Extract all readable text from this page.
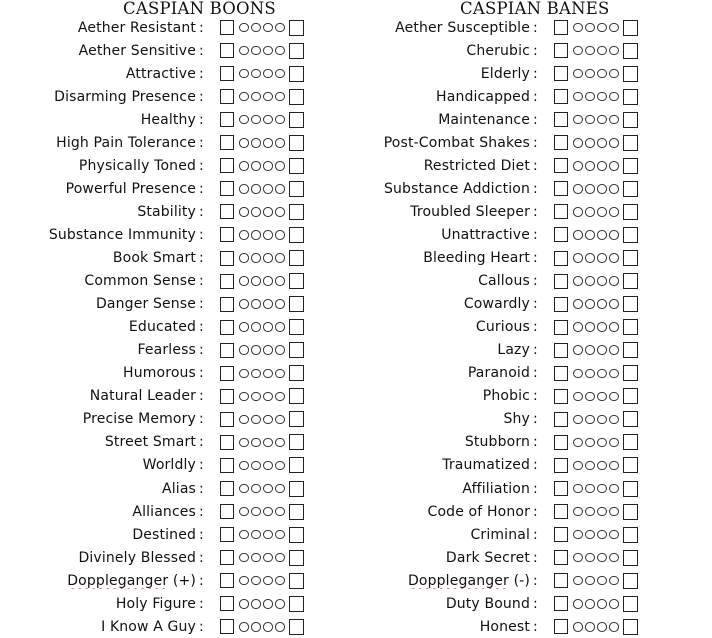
CASPIAN BOONS
Aether Resistant :
Aether Sensitive :
Attractive :
Disarming Presence :
Healthy :
High Pain Tolerance :
Physically Toned :
Powerful Presence :
Stability :
Substance Immunity :
Book Smart :
Common Sense :
Danger Sense :
Educated :
Fearless :
Humorous :
Natural Leader :
Precise Memory :
Street Smart :
Worldly :
Alias :
Alliances :
Destined :
Divinely Blessed :
Doppleganger (+) :
Holy Figure :
I Know A Guy :
CASPIAN BANES
Aether Susceptible :
Cherubic :
Elderly :
Handicapped :
Maintenance :
Post-Combat Shakes :
Restricted Diet :
Substance Addiction :
Troubled Sleeper :
Unattractive :
Bleeding Heart :
Callous :
Cowardly :
Curious :
Lazy :
Paranoid :
Phobic :
Shy :
Stubborn :
Traumatized :
Affiliation :
Code of Honor :
Criminal :
Dark Secret :
Doppleganger (-) :
Duty Bound :
Honest :
